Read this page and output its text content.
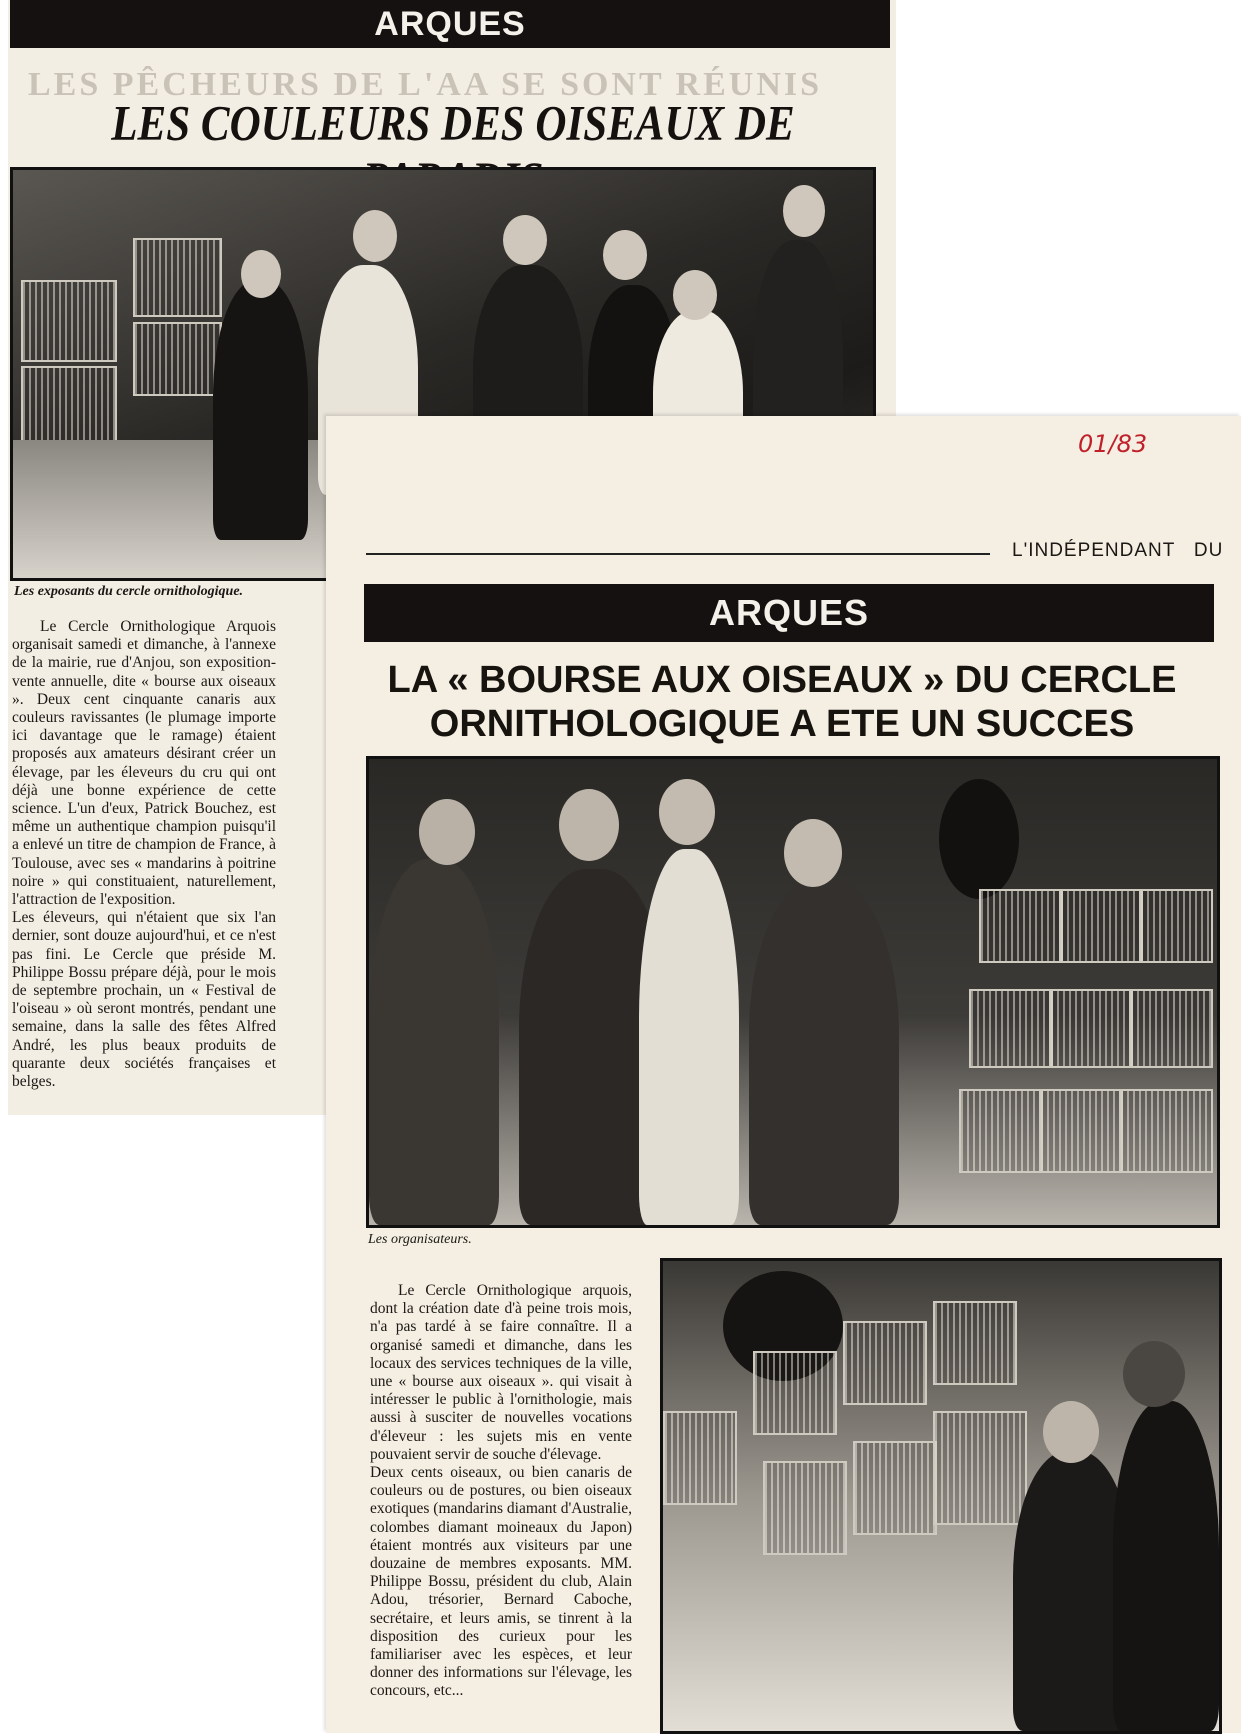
ARQUES
LES PÊCHEURS DE L'AA SE SONT RÉUNIS
LES COULEURS DES OISEAUX DE
Les exposants du cercle ornithologique.
Le Cercle Ornithologique Arquois organisait samedi et dimanche, à l'annexe de la mairie, rue d'Anjou, son exposition-vente annuelle, dite « bourse aux oiseaux ». Deux cent cinquante canaris aux couleurs ravissantes (le plumage importe ici davantage que le ramage) étaient proposés aux amateurs désirant créer un élevage, par les éleveurs du cru qui ont déjà une bonne expérience de cette science. L'un d'eux, Patrick Bouchez, est même un authentique champion puisqu'il a enlevé un titre de champion de France, à Toulouse, avec ses « mandarins à poitrine noire » qui constituaient, naturellement, l'attraction de l'exposition.
Les éleveurs, qui n'étaient que six l'an dernier, sont douze aujourd'hui, et ce n'est pas fini. Le Cercle que préside M. Philippe Bossu prépare déjà, pour le mois de septembre prochain, un « Festival de l'oiseau » où seront montrés, pendant une semaine, dans la salle des fêtes Alfred André, les plus beaux produits de quarante deux sociétés françaises et belges.
01/83
L'INDÉPENDANT   DU
ARQUES
LA « BOURSE AUX OISEAUX » DU CERCLE
ORNITHOLOGIQUE A ETE UN SUCCES
Les organisateurs.
Le Cercle Ornithologique arquois, dont la création date d'à peine trois mois, n'a pas tardé à se faire connaître. Il a organisé samedi et dimanche, dans les locaux des services techniques de la ville, une « bourse aux oiseaux ». qui visait à intéresser le public à l'ornithologie, mais aussi à susciter de nouvelles vocations d'éleveur : les sujets mis en vente pouvaient servir de souche d'élevage.
Deux cents oiseaux, ou bien canaris de couleurs ou de postures, ou bien oiseaux exotiques (mandarins diamant d'Australie, colombes diamant moineaux du Japon) étaient montrés aux visiteurs par une douzaine de membres exposants. MM. Philippe Bossu, président du club, Alain Adou, trésorier, Bernard Caboche, secrétaire, et leurs amis, se tinrent à la disposition des curieux pour les familiariser avec les espèces, et leur donner des informations sur l'élevage, les concours, etc...
